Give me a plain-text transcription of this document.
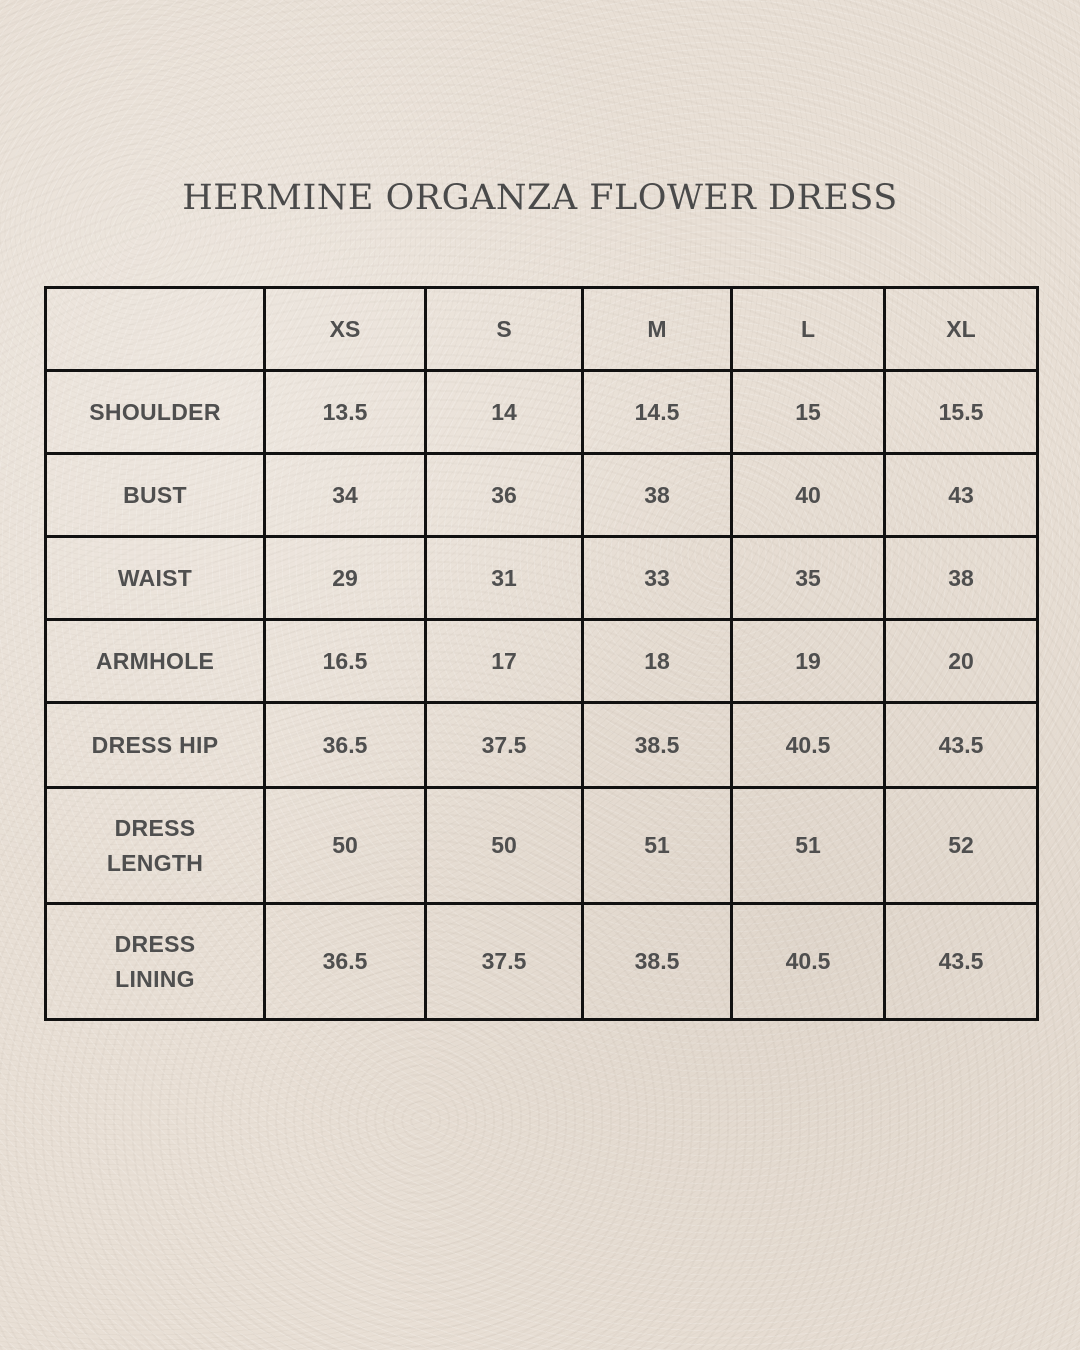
HERMINE ORGANZA FLOWER DRESS
	XS	S	M	L	XL
SHOULDER	13.5	14	14.5	15	15.5
BUST	34	36	38	40	43
WAIST	29	31	33	35	38
ARMHOLE	16.5	17	18	19	20
DRESS HIP	36.5	37.5	38.5	40.5	43.5
DRESS
LENGTH	50	50	51	51	52
DRESS
LINING	36.5	37.5	38.5	40.5	43.5
